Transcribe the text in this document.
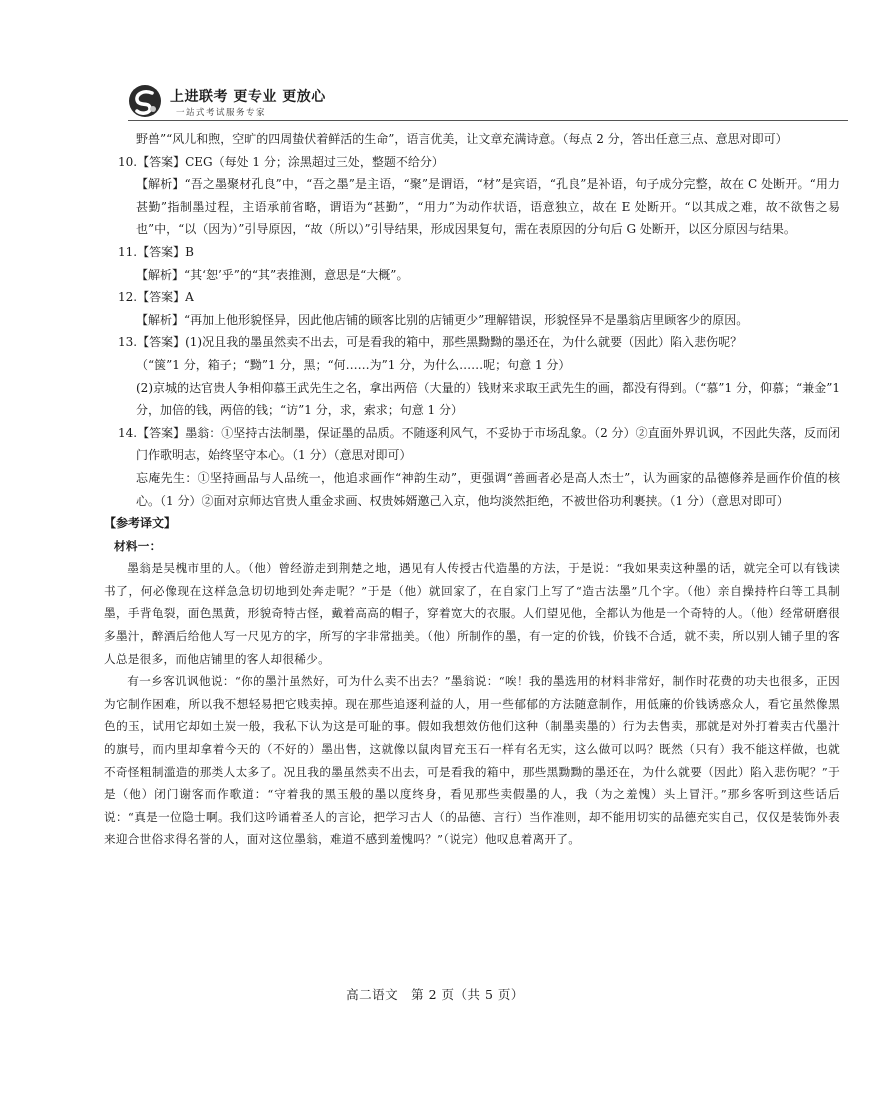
上进联考 更专业 更放心
一站式考试服务专家

野兽”“风儿和煦，空旷的四周蛰伏着鲜活的生命”，语言优美，让文章充满诗意。（每点 2 分，答出任意三点、意思对即可）

10.【答案】CEG（每处 1 分；涂黑超过三处，整题不给分）

【解析】“吾之墨聚材孔良”中，“吾之墨”是主语，“聚”是谓语，“材”是宾语，“孔良”是补语，句子成分完整，故在 C 处断开。“用力甚勤”指制墨过程，主语承前省略，谓语为“甚勤”，“用力”为动作状语，语意独立，故在 E 处断开。“以其成之难，故不欲售之易也”中，“以（因为）”引导原因，“故（所以）”引导结果，形成因果复句，需在表原因的分句后 G 处断开，以区分原因与结果。

11.【答案】B

【解析】“其‘恕’乎”的“其”表推测，意思是“大概”。

12.【答案】A

【解析】“再加上他形貌怪异，因此他店铺的顾客比别的店铺更少”理解错误，形貌怪异不是墨翁店里顾客少的原因。

13.【答案】(1)况且我的墨虽然卖不出去，可是看我的箱中，那些黑黝黝的墨还在，为什么就要（因此）陷入悲伤呢？

（“箧”1 分，箱子；“黝”1 分，黑；“何……为”1 分，为什么……呢；句意 1 分）

(2)京城的达官贵人争相仰慕王武先生之名，拿出两倍（大量的）钱财来求取王武先生的画，都没有得到。（“慕”1 分，仰慕；“兼金”1 分，加倍的钱，两倍的钱；“访”1 分，求，索求；句意 1 分）

14.【答案】墨翁：①坚持古法制墨，保证墨的品质。不随逐利风气，不妥协于市场乱象。（2 分）②直面外界讥讽，不因此失落，反而闭门作歌明志，始终坚守本心。（1 分）（意思对即可）

忘庵先生：①坚持画品与人品统一，他追求画作“神韵生动”，更强调“善画者必是高人杰士”，认为画家的品德修养是画作价值的核心。（1 分）②面对京师达官贵人重金求画、权贵姊婿邀己入京，他均淡然拒绝，不被世俗功利裹挟。（1 分）（意思对即可）

【参考译文】

材料一：

墨翁是吴槐市里的人。（他）曾经游走到荆楚之地，遇见有人传授古代造墨的方法，于是说：“我如果卖这种墨的话，就完全可以有钱读书了，何必像现在这样急急切切地到处奔走呢？”于是（他）就回家了，在自家门上写了“造古法墨”几个字。（他）亲自操持杵臼等工具制墨，手背龟裂，面色黑黄，形貌奇特古怪，戴着高高的帽子，穿着宽大的衣服。人们望见他，全都认为他是一个奇特的人。（他）经常研磨很多墨汁，醉酒后给他人写一尺见方的字，所写的字非常拙美。（他）所制作的墨，有一定的价钱，价钱不合适，就不卖，所以别人铺子里的客人总是很多，而他店铺里的客人却很稀少。

有一乡客讥讽他说：“你的墨汁虽然好，可为什么卖不出去？”墨翁说：“唉！我的墨选用的材料非常好，制作时花费的功夫也很多，正因为它制作困难，所以我不想轻易把它贱卖掉。现在那些追逐利益的人，用一些郁郁的方法随意制作，用低廉的价钱诱惑众人，看它虽然像黑色的玉，试用它却如土炭一般，我私下认为这是可耻的事。假如我想效仿他们这种（制墨卖墨的）行为去售卖，那就是对外打着卖古代墨汁的旗号，而内里却拿着今天的（不好的）墨出售，这就像以鼠肉冒充玉石一样有名无实，这么做可以吗？既然（只有）我不能这样做，也就不奇怪粗制滥造的那类人太多了。况且我的墨虽然卖不出去，可是看我的箱中，那些黑黝黝的墨还在，为什么就要（因此）陷入悲伤呢？”于是（他）闭门谢客而作歌道：“守着我的黑玉般的墨以度终身，看见那些卖假墨的人，我（为之羞愧）头上冒汗。”那乡客听到这些话后说：“真是一位隐士啊。我们这吟诵着圣人的言论，把学习古人（的品德、言行）当作准则，却不能用切实的品德充实自己，仅仅是装饰外表来迎合世俗求得名誉的人，面对这位墨翁，难道不感到羞愧吗？”（说完）他叹息着离开了。

高二语文　第 2 页（共 5 页）
